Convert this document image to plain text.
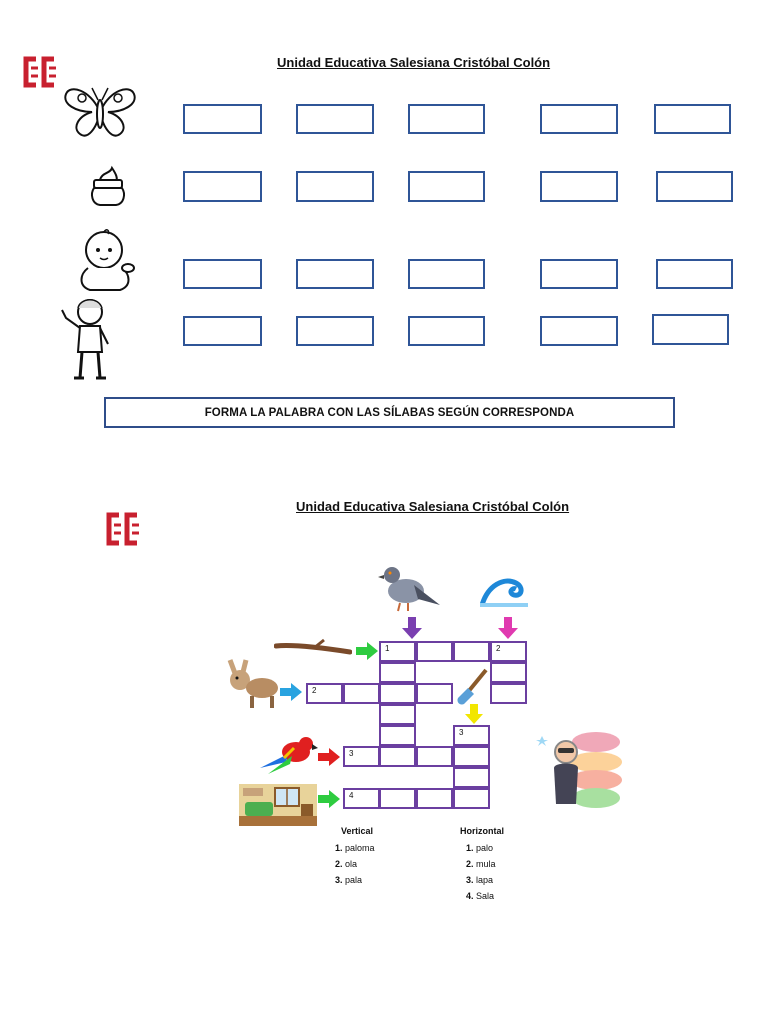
Unidad Educativa Salesiana Cristóbal Colón
FORMA LA PALABRA CON LAS SÍLABAS SEGÚN CORRESPONDA
Unidad Educativa Salesiana Cristóbal Colón
1	2
2
3
3
4
Vertical
1. paloma
2. ola
3. pala
Horizontal
1. palo
2. mula
3. lapa
4. Sala
